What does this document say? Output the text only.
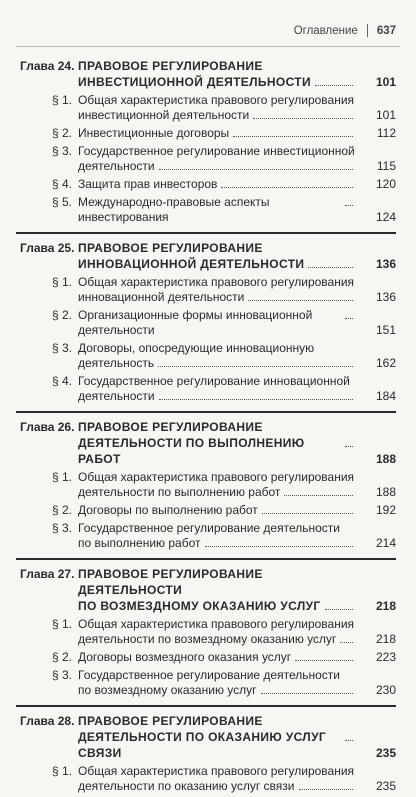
Оглавление 637
Глава 24. ПРАВОВОЕ РЕГУЛИРОВАНИЕ
ИНВЕСТИЦИОННОЙ ДЕЯТЕЛЬНОСТИ	101
§ 1. Общая характеристика правового регулирования
инвестиционной деятельности	101
§ 2. Инвестиционные договоры	112
§ 3. Государственное регулирование инвестиционной
деятельности	115
§ 4. Защита прав инвесторов	120
§ 5. Международно-правовые аспекты инвестирования	124
Глава 25. ПРАВОВОЕ РЕГУЛИРОВАНИЕ
ИННОВАЦИОННОЙ ДЕЯТЕЛЬНОСТИ	136
§ 1. Общая характеристика правового регулирования
инновационной деятельности	136
§ 2. Организационные формы инновационной деятельности	151
§ 3. Договоры, опосредующие инновационную
деятельность	162
§ 4. Государственное регулирование инновационной
деятельности	184
Глава 26. ПРАВОВОЕ РЕГУЛИРОВАНИЕ
ДЕЯТЕЛЬНОСТИ ПО ВЫПОЛНЕНИЮ РАБОТ	188
§ 1. Общая характеристика правового регулирования
деятельности по выполнению работ	188
§ 2. Договоры по выполнению работ	192
§ 3. Государственное регулирование деятельности
по выполнению работ	214
Глава 27. ПРАВОВОЕ РЕГУЛИРОВАНИЕ ДЕЯТЕЛЬНОСТИ
ПО ВОЗМЕЗДНОМУ ОКАЗАНИЮ УСЛУГ	218
§ 1. Общая характеристика правового регулирования
деятельности по возмездному оказанию услуг	218
§ 2. Договоры возмездного оказания услуг	223
§ 3. Государственное регулирование деятельности
по возмездному оказанию услуг	230
Глава 28. ПРАВОВОЕ РЕГУЛИРОВАНИЕ
ДЕЯТЕЛЬНОСТИ ПО ОКАЗАНИЮ УСЛУГ СВЯЗИ	235
§ 1. Общая характеристика правового регулирования
деятельности по оказанию услуг связи	235
